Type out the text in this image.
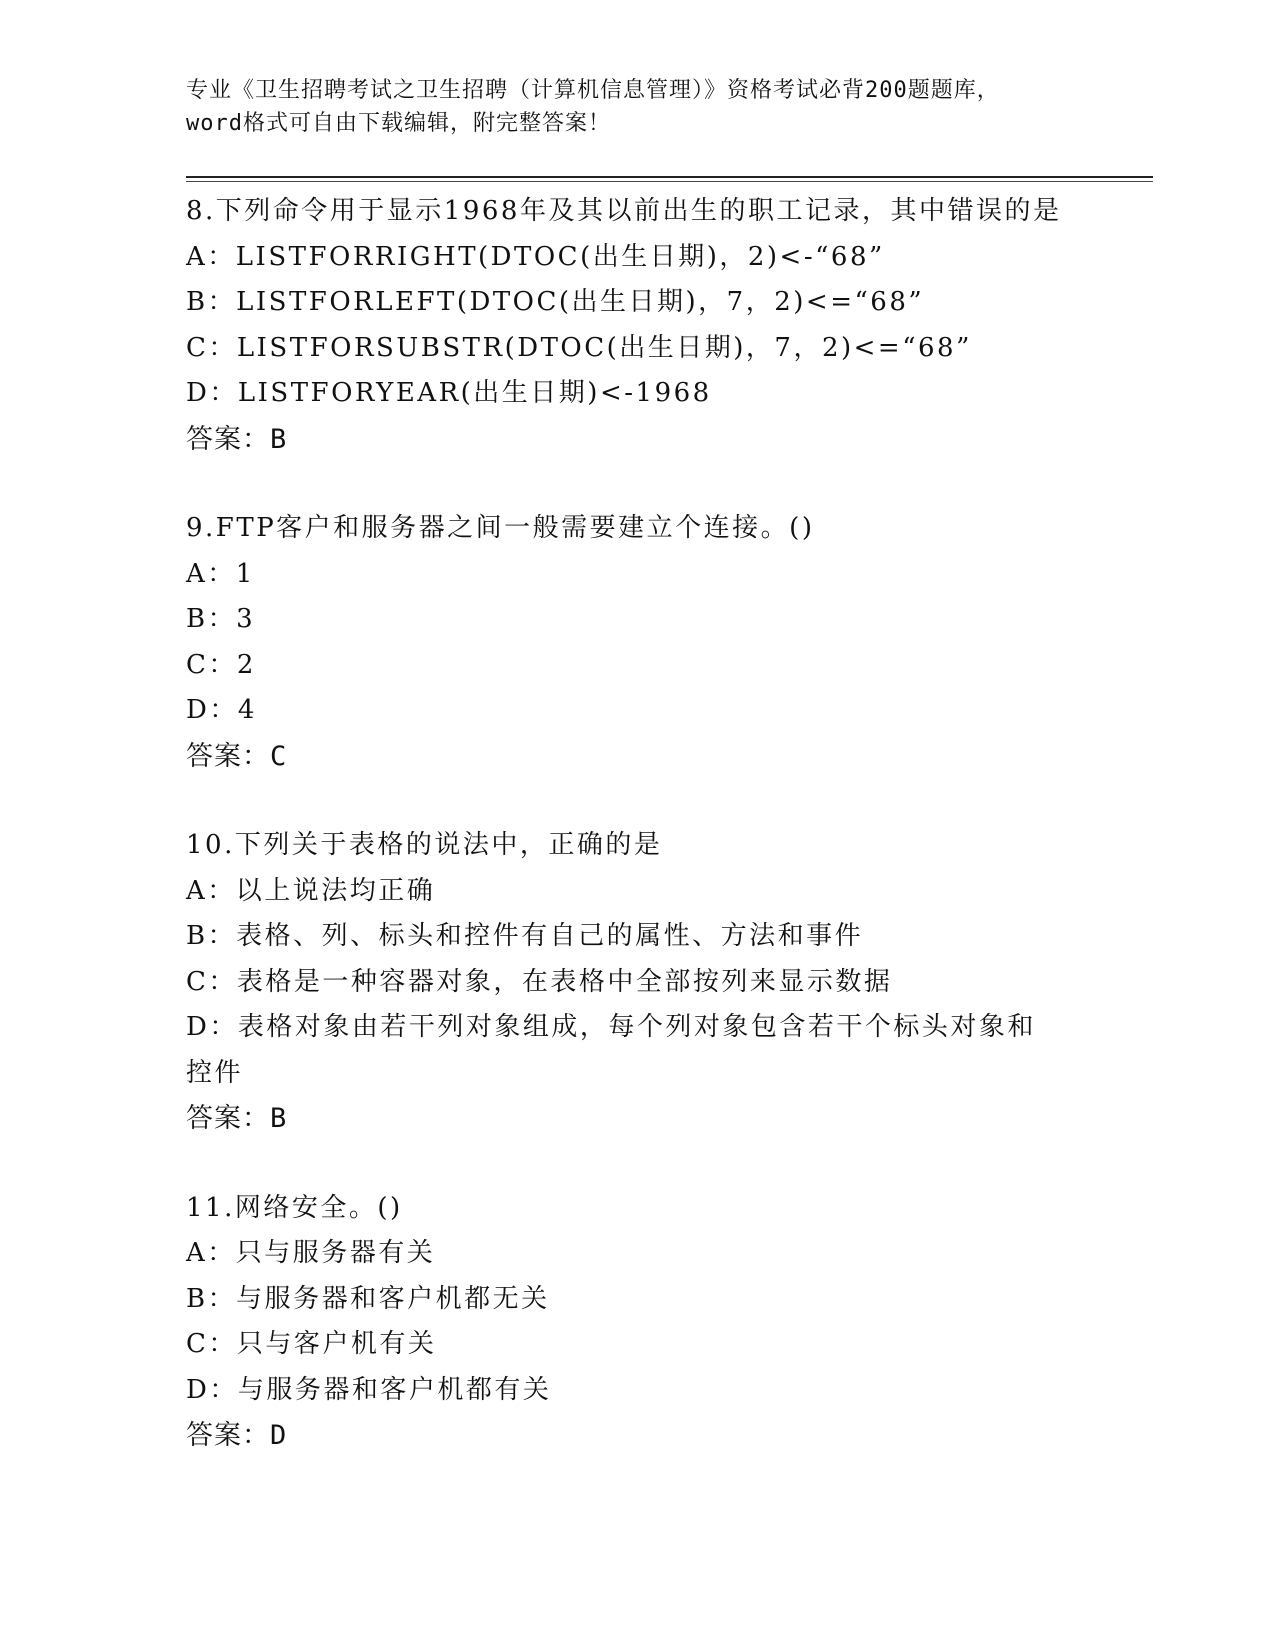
专业《卫生招聘考试之卫生招聘（计算机信息管理）》资格考试必背200题题库，
word格式可自由下载编辑，附完整答案！
8.下列命令用于显示1968年及其以前出生的职工记录，其中错误的是
A：LISTFORRIGHT(DTOC(出生日期)，2)<-“68”
B：LISTFORLEFT(DTOC(出生日期)，7，2)<=“68”
C：LISTFORSUBSTR(DTOC(出生日期)，7，2)<=“68”
D：LISTFORYEAR(出生日期)<-1968
答案：B
9.FTP客户和服务器之间一般需要建立个连接。()
A：1
B：3
C：2
D：4
答案：C
10.下列关于表格的说法中，正确的是
A：以上说法均正确
B：表格、列、标头和控件有自己的属性、方法和事件
C：表格是一种容器对象，在表格中全部按列来显示数据
D：表格对象由若干列对象组成，每个列对象包含若干个标头对象和控件
答案：B
11.网络安全。()
A：只与服务器有关
B：与服务器和客户机都无关
C：只与客户机有关
D：与服务器和客户机都有关
答案：D
